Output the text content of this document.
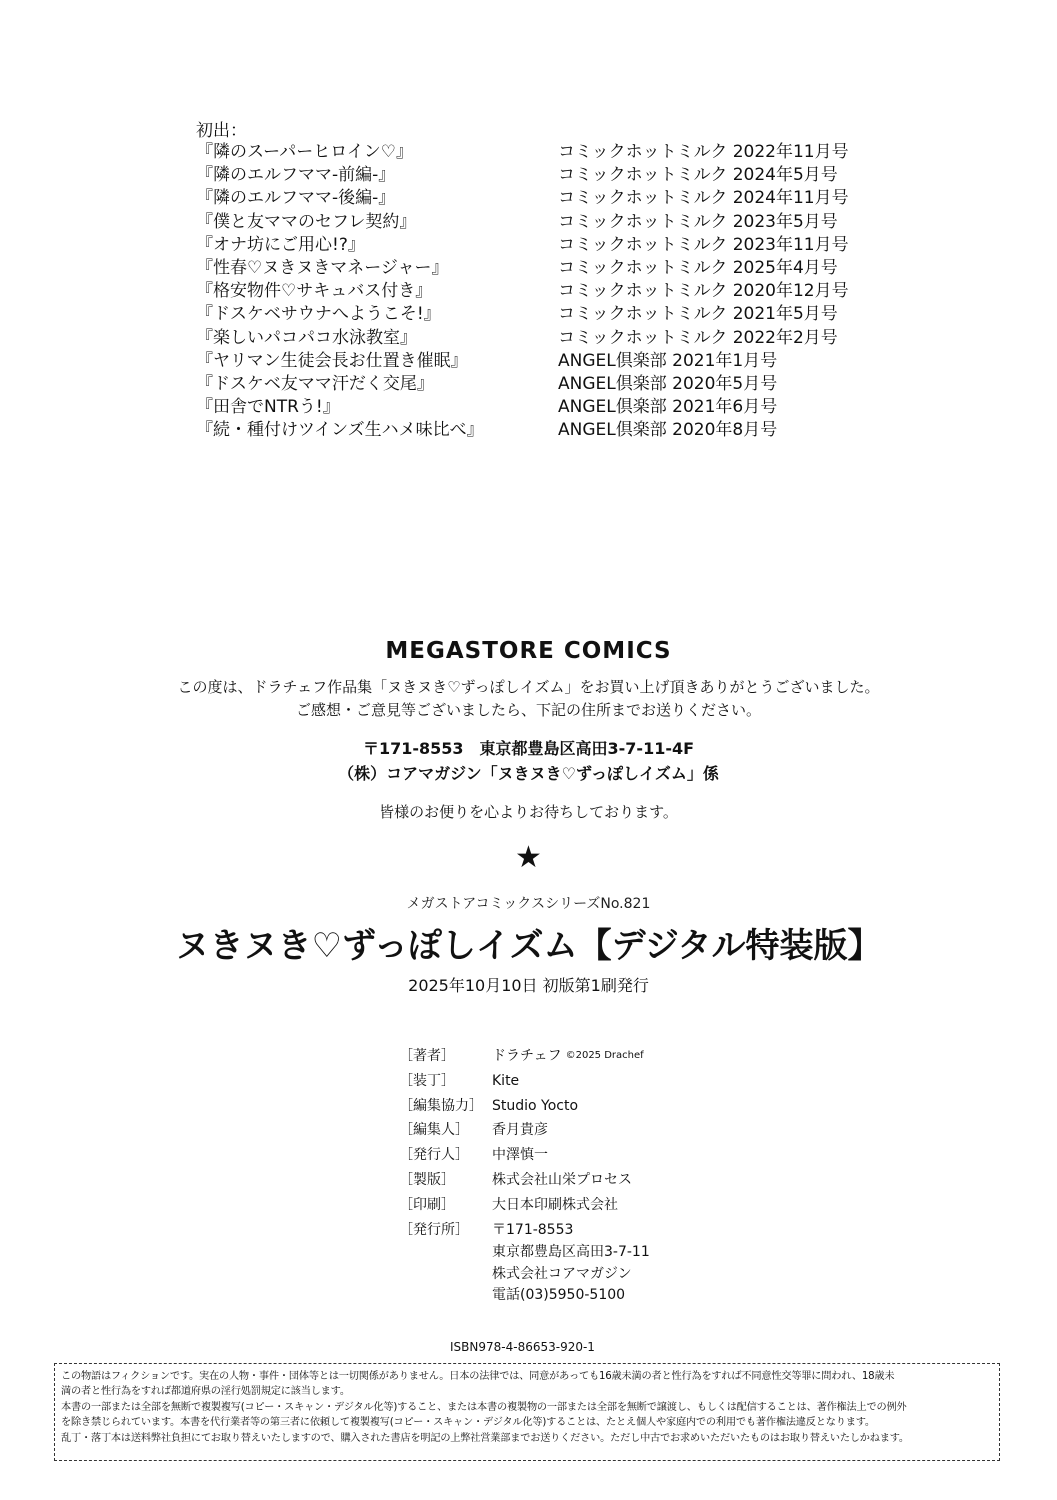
初出：
『隣のスーパーヒロイン♡』	コミックホットミルク 2022年11月号
『隣のエルフママ-前編-』	コミックホットミルク 2024年5月号
『隣のエルフママ-後編-』	コミックホットミルク 2024年11月号
『僕と友ママのセフレ契約』	コミックホットミルク 2023年5月号
『オナ坊にご用心!?』	コミックホットミルク 2023年11月号
『性春♡ヌきヌきマネージャー』	コミックホットミルク 2025年4月号
『格安物件♡サキュバス付き』	コミックホットミルク 2020年12月号
『ドスケベサウナへようこそ!』	コミックホットミルク 2021年5月号
『楽しいパコパコ水泳教室』	コミックホットミルク 2022年2月号
『ヤリマン生徒会長お仕置き催眠』	ANGEL倶楽部 2021年1月号
『ドスケベ友ママ汗だく交尾』	ANGEL倶楽部 2020年5月号
『田舎でNTRう!』	ANGEL倶楽部 2021年6月号
『続・種付けツインズ生ハメ味比べ』	ANGEL倶楽部 2020年8月号
MEGASTORE COMICS
この度は、ドラチェフ作品集「ヌきヌき♡ずっぽしイズム」をお買い上げ頂きありがとうございました。
ご感想・ご意見等ございましたら、下記の住所までお送りください。
〒171-8553　東京都豊島区高田3-7-11-4F
（株）コアマガジン「ヌきヌき♡ずっぽしイズム」係
皆様のお便りを心よりお待ちしております。
★
メガストアコミックスシリーズNo.821
ヌきヌき♡ずっぽしイズム【デジタル特装版】
2025年10月10日 初版第1刷発行
［著者］	ドラチェフ ©2025 Drachef
［装丁］	Kite
［編集協力］ Studio Yocto
［編集人］	香月貴彦
［発行人］	中澤慎一
［製版］	株式会社山栄プロセス
［印刷］	大日本印刷株式会社
［発行所］	〒171-8553
東京都豊島区高田3-7-11
株式会社コアマガジン
電話(03)5950-5100
ISBN978-4-86653-920-1

この物語はフィクションです。実在の人物・事件・団体等とは一切関係がありません。日本の法律では、同意があっても16歳未満の者と性行為をすれば不同意性交等罪に問われ、18歳未

満の者と性行為をすれば都道府県の淫行処罰規定に該当します。

本書の一部または全部を無断で複製複写(コピー・スキャン・デジタル化等)すること、または本書の複製物の一部または全部を無断で譲渡し、もしくは配信することは、著作権法上での例外

を除き禁じられています。本書を代行業者等の第三者に依頼して複製複写(コピー・スキャン・デジタル化等)することは、たとえ個人や家庭内での利用でも著作権法違反となります。

乱丁・落丁本は送料弊社負担にてお取り替えいたしますので、購入された書店を明記の上弊社営業部までお送りください。ただし中古でお求めいただいたものはお取り替えいたしかねます。
